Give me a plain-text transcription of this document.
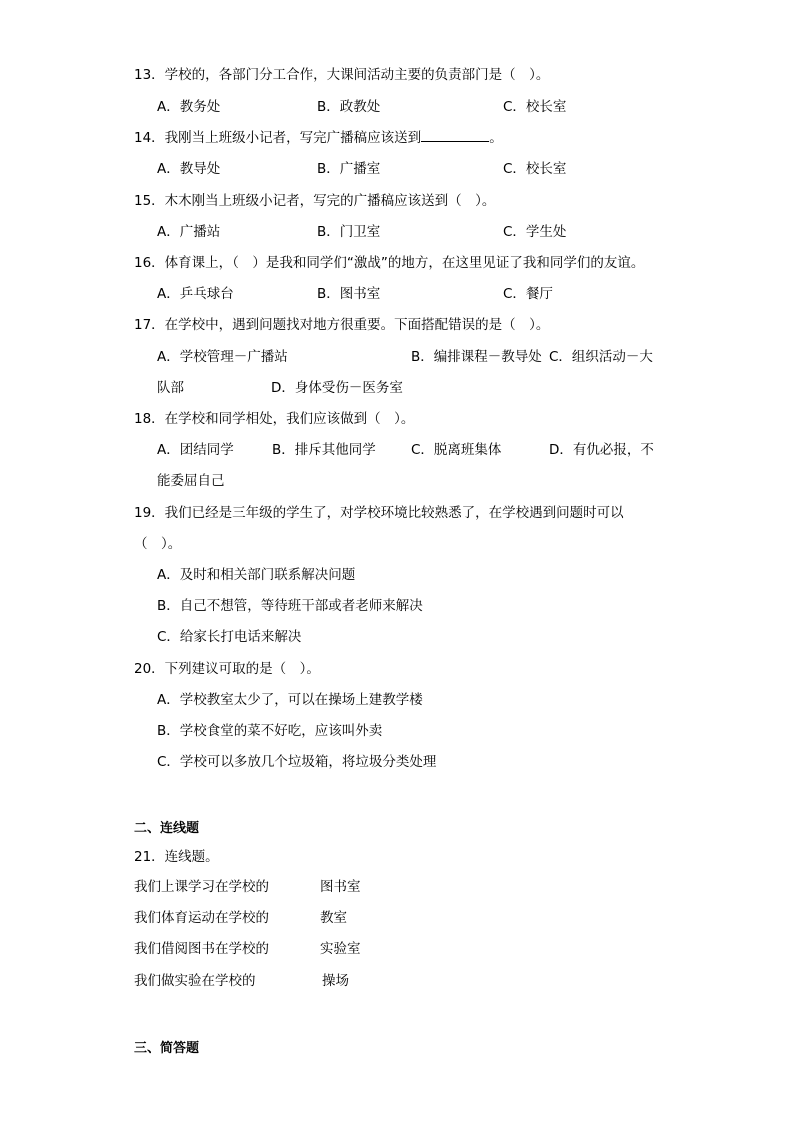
13．学校的，各部门分工合作，大课间活动主要的负责部门是（　）。
A．教务处	B．政教处	C．校长室
14．我刚当上班级小记者，写完广播稿应该送到	。
A．教导处	B．广播室	C．校长室
15．木木刚当上班级小记者，写完的广播稿应该送到（　）。
A．广播站	B．门卫室	C．学生处
16．体育课上，（　）是我和同学们“激战”的地方，在这里见证了我和同学们的友谊。
A．乒乓球台	B．图书室	C．餐厅
17．在学校中，遇到问题找对地方很重要。下面搭配错误的是（　）。
A．学校管理－广播站	B．编排课程－教导处 C．组织活动－大
队部	D．身体受伤－医务室
18．在学校和同学相处，我们应该做到（　）。
A．团结同学	B．排斥其他同学	C．脱离班集体	D．有仇必报，不
能委屈自己
19．我们已经是三年级的学生了，对学校环境比较熟悉了，在学校遇到问题时可以
（　）。
A．及时和相关部门联系解决问题
B．自己不想管，等待班干部或者老师来解决
C．给家长打电话来解决
20．下列建议可取的是（　）。
A．学校教室太少了，可以在操场上建教学楼
B．学校食堂的菜不好吃，应该叫外卖
C．学校可以多放几个垃圾箱，将垃圾分类处理
二、连线题
21．连线题。
我们上课学习在学校的	图书室
我们体育运动在学校的	教室
我们借阅图书在学校的	实验室
我们做实验在学校的	操场
三、简答题
